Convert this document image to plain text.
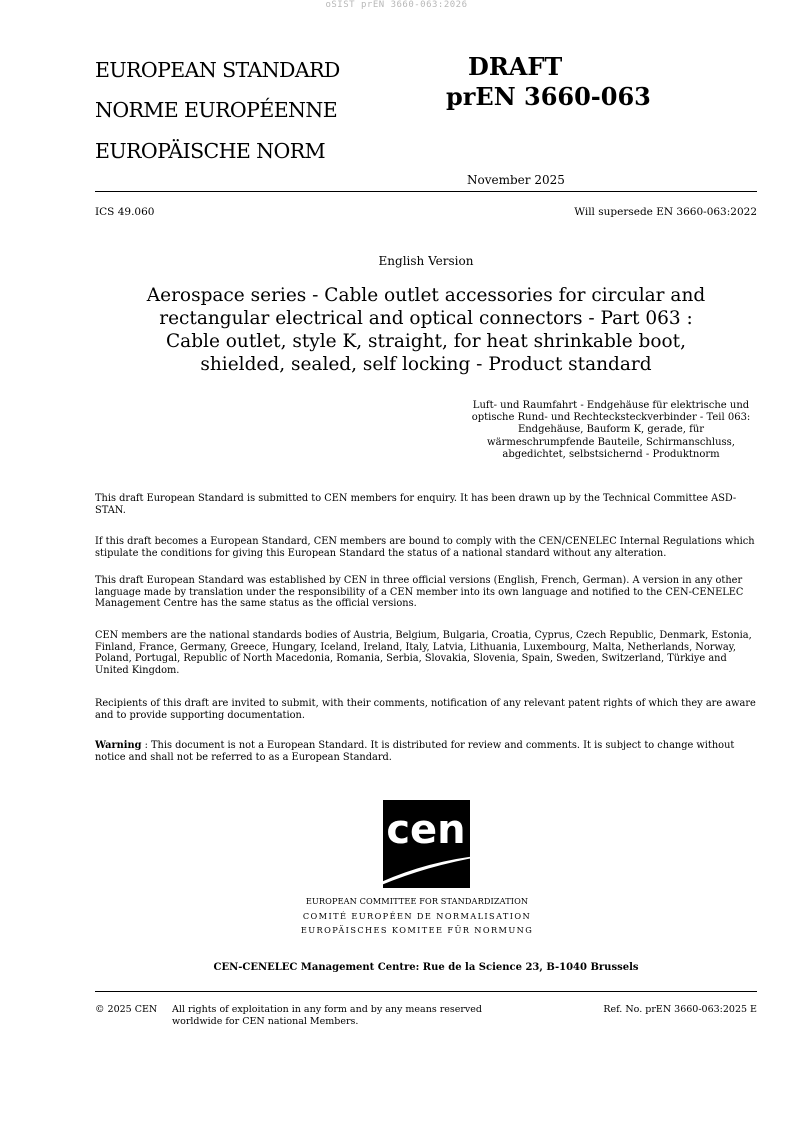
oSIST prEN 3660-063:2026
EUROPEAN STANDARD
NORME EUROPÉENNE
EUROPÄISCHE NORM
DRAFT
prEN 3660-063
November 2025
ICS 49.060	Will supersede EN 3660-063:2022
English Version
Aerospace series - Cable outlet accessories for circular and
rectangular electrical and optical connectors - Part 063 :
Cable outlet, style K, straight, for heat shrinkable boot,
shielded, sealed, self locking - Product standard
Luft- und Raumfahrt - Endgehäuse für elektrische und
optische Rund- und Rechtecksteckverbinder - Teil 063:
Endgehäuse, Bauform K, gerade, für
wärmeschrumpfende Bauteile, Schirmanschluss,
abgedichtet, selbstsichernd - Produktnorm

This draft European Standard is submitted to CEN members for enquiry. It has been drawn up by the Technical Committee ASD-STAN.

If this draft becomes a European Standard, CEN members are bound to comply with the CEN/CENELEC Internal Regulations which stipulate the conditions for giving this European Standard the status of a national standard without any alteration.

This draft European Standard was established by CEN in three official versions (English, French, German). A version in any other language made by translation under the responsibility of a CEN member into its own language and notified to the CEN-CENELEC Management Centre has the same status as the official versions.

CEN members are the national standards bodies of Austria, Belgium, Bulgaria, Croatia, Cyprus, Czech Republic, Denmark, Estonia, Finland, France, Germany, Greece, Hungary, Iceland, Ireland, Italy, Latvia, Lithuania, Luxembourg, Malta, Netherlands, Norway, Poland, Portugal, Republic of North Macedonia, Romania, Serbia, Slovakia, Slovenia, Spain, Sweden, Switzerland, Türkiye and United Kingdom.

Recipients of this draft are invited to submit, with their comments, notification of any relevant patent rights of which they are aware and to provide supporting documentation.

Warning : This document is not a European Standard. It is distributed for review and comments. It is subject to change without notice and shall not be referred to as a European Standard.

cen
EUROPEAN COMMITTEE FOR STANDARDIZATION
COMITÉ EUROPÉEN DE NORMALISATION
EUROPÄISCHES KOMITEE FÜR NORMUNG
CEN-CENELEC Management Centre: Rue de la Science 23, B-1040 Brussels
© 2025 CEN All rights of exploitation in any form and by any means reserved
worldwide for CEN national Members.
Ref. No. prEN 3660-063:2025 E
